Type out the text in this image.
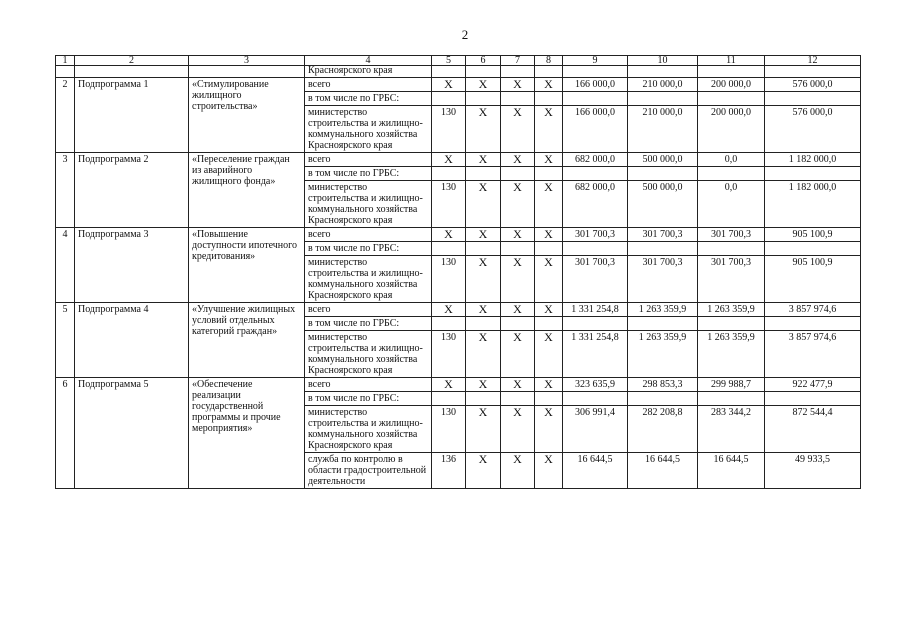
2
1	2	3	4	5	6	7	8	9	10	11	12
			Красноярского края								
2	Подпрограмма 1	«Стимулирование жилищного строительства»	всего	Х	Х	Х	Х	166 000,0	210 000,0	200 000,0	576 000,0
			в том числе по ГРБС:								
			министерство строительства и жилищно-коммунального хозяйства Красноярского края	130	Х	Х	Х	166 000,0	210 000,0	200 000,0	576 000,0
3	Подпрограмма 2	«Переселение граждан из аварийного жилищного фонда»	всего	Х	Х	Х	Х	682 000,0	500 000,0	0,0	1 182 000,0
			в том числе по ГРБС:								
			министерство строительства и жилищно-коммунального хозяйства Красноярского края	130	Х	Х	Х	682 000,0	500 000,0	0,0	1 182 000,0
4	Подпрограмма 3	«Повышение доступности ипотечного кредитования»	всего	Х	Х	Х	Х	301 700,3	301 700,3	301 700,3	905 100,9
			в том числе по ГРБС:								
			министерство строительства и жилищно-коммунального хозяйства Красноярского края	130	Х	Х	Х	301 700,3	301 700,3	301 700,3	905 100,9
5	Подпрограмма 4	«Улучшение жилищных условий отдельных категорий граждан»	всего	Х	Х	Х	Х	1 331 254,8	1 263 359,9	1 263 359,9	3 857 974,6
			в том числе по ГРБС:								
			министерство строительства и жилищно-коммунального хозяйства Красноярского края	130	Х	Х	Х	1 331 254,8	1 263 359,9	1 263 359,9	3 857 974,6
6	Подпрограмма 5	«Обеспечение реализации государственной программы и прочие мероприятия»	всего	Х	Х	Х	Х	323 635,9	298 853,3	299 988,7	922 477,9
			в том числе по ГРБС:								
			министерство строительства и жилищно-коммунального хозяйства Красноярского края	130	Х	Х	Х	306 991,4	282 208,8	283 344,2	872 544,4
			служба по контролю в области градостроительной деятельности	136	Х	Х	Х	16 644,5	16 644,5	16 644,5	49 933,5
